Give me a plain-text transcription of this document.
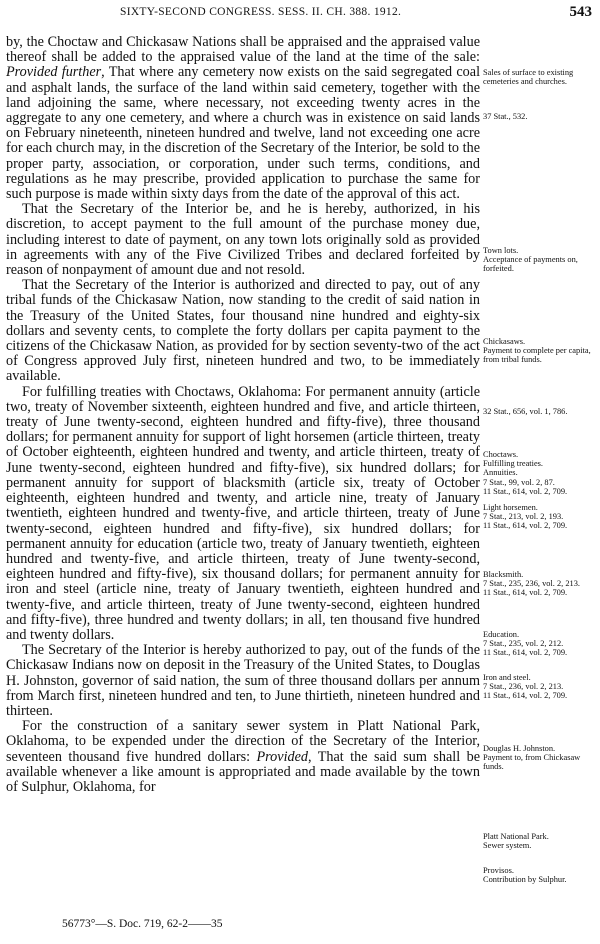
SIXTY-SECOND CONGRESS. SESS. II. CH. 388. 1912.	543

by, the Choctaw and Chickasaw Nations shall be appraised and the appraised value thereof shall be added to the appraised value of the land at the time of the sale: Provided further, That where any cemetery now exists on the said segregated coal and asphalt lands, the surface of the land within said cemetery, together with the land adjoining the same, where necessary, not exceeding twenty acres in the aggregate to any one cemetery, and where a church was in existence on said lands on February nineteenth, nineteen hundred and twelve, land not exceeding one acre for each church may, in the discretion of the Secretary of the Interior, be sold to the proper party, association, or corporation, under such terms, conditions, and regulations as he may prescribe, provided application to purchase the same for such purpose is made within sixty days from the date of the approval of this act.

That the Secretary of the Interior be, and he is hereby, authorized, in his discretion, to accept payment to the full amount of the purchase money due, including interest to date of payment, on any town lots originally sold as provided in agreements with any of the Five Civilized Tribes and declared forfeited by reason of nonpayment of amount due and not resold.

That the Secretary of the Interior is authorized and directed to pay, out of any tribal funds of the Chickasaw Nation, now standing to the credit of said nation in the Treasury of the United States, four thousand nine hundred and eighty-six dollars and seventy cents, to complete the forty dollars per capita payment to the citizens of the Chickasaw Nation, as provided for by section seventy-two of the act of Congress approved July first, nineteen hundred and two, to be immediately available.

For fulfilling treaties with Choctaws, Oklahoma: For permanent annuity (article two, treaty of November sixteenth, eighteen hundred and five, and article thirteen, treaty of June twenty-second, eighteen hundred and fifty-five), three thousand dollars; for permanent annuity for support of light horsemen (article thirteen, treaty of October eighteenth, eighteen hundred and twenty, and article thirteen, treaty of June twenty-second, eighteen hundred and fifty-five), six hundred dollars; for permanent annuity for support of blacksmith (article six, treaty of October eighteenth, eighteen hundred and twenty, and article nine, treaty of January twentieth, eighteen hundred and twenty-five, and article thirteen, treaty of June twenty-second, eighteen hundred and fifty-five), six hundred dollars; for permanent annuity for education (article two, treaty of January twentieth, eighteen hundred and twenty-five, and article thirteen, treaty of June twenty-second, eighteen hundred and fifty-five), six thousand dollars; for permanent annuity for iron and steel (article nine, treaty of January twentieth, eighteen hundred and twenty-five, and article thirteen, treaty of June twenty-second, eighteen hundred and fifty-five), three hundred and twenty dollars; in all, ten thousand five hundred and twenty dollars.

The Secretary of the Interior is hereby authorized to pay, out of the funds of the Chickasaw Indians now on deposit in the Treasury of the United States, to Douglas H. Johnston, governor of said nation, the sum of three thousand dollars per annum from March first, nineteen hundred and ten, to June thirtieth, nineteen hundred and thirteen.

For the construction of a sanitary sewer system in Platt National Park, Oklahoma, to be expended under the direction of the Secretary of the Interior, seventeen thousand five hundred dollars: Provided, That the said sum shall be available whenever a like amount is appropriated and made available by the town of Sulphur, Oklahoma, for

Sales of surface to existing cemeteries and churches.
37 Stat., 532.
Town lots.
Acceptance of payments on, forfeited.
Chickasaws.
Payment to complete per capita, from tribal funds.
32 Stat., 656, vol. 1, 786.
Choctaws.
Fulfilling treaties.
Annuities.
7 Stat., 99, vol. 2, 87.
11 Stat., 614, vol. 2, 709.
Light horsemen.
7 Stat., 213, vol. 2, 193.
11 Stat., 614, vol. 2, 709.
Blacksmith.
7 Stat., 235, 236, vol. 2, 213.
11 Stat., 614, vol. 2, 709.
Education.
7 Stat., 235, vol. 2, 212.
11 Stat., 614, vol. 2, 709.
Iron and steel.
7 Stat., 236, vol. 2, 213.
11 Stat., 614, vol. 2, 709.
Douglas H. Johnston.
Payment to, from Chickasaw funds.
Platt National Park.
Sewer system.
Provisos.
Contribution by Sulphur.
56773°—S. Doc. 719, 62-2——35
